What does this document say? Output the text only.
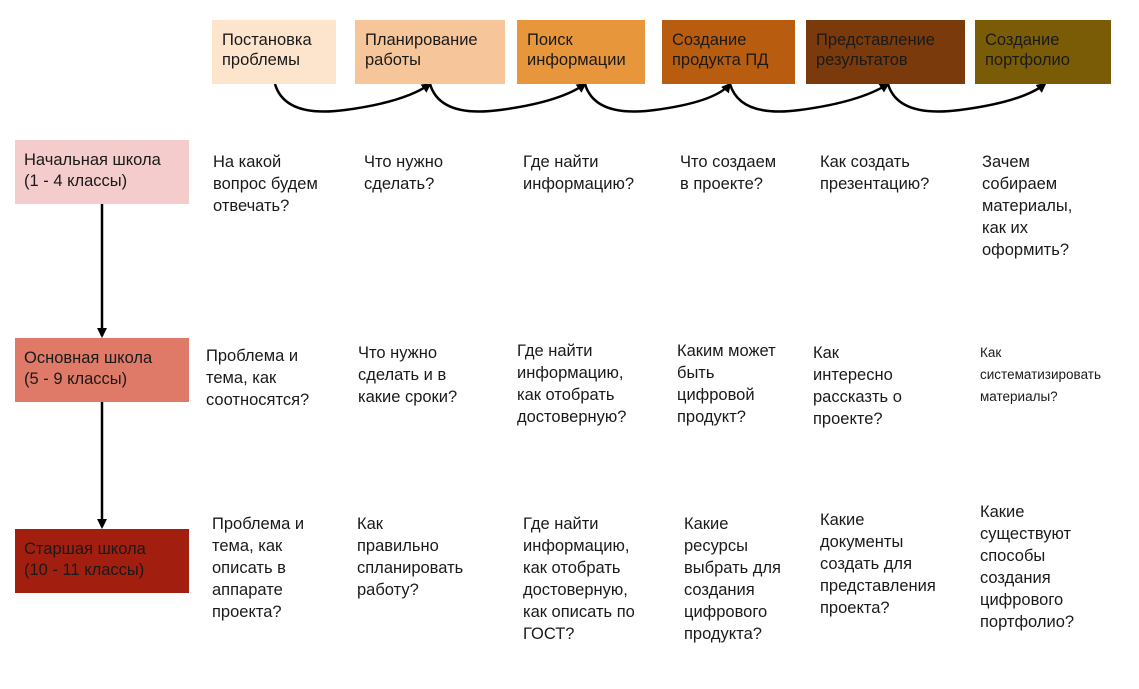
Постановка
проблемы
Планирование
работы
Поиск
информации
Создание
продукта ПД
Представление
результатов
Создание
портфолио
Начальная школа
(1 - 4 классы)
Основная школа
(5 - 9 классы)
Старшая школа
(10 - 11 классы)
На какой
вопрос будем
отвечать?
Что нужно
сделать?
Где найти
информацию?
Что создаем
в проекте?
Как создать
презентацию?
Зачем
собираем
материалы,
как их
оформить?
Проблема и
тема, как
соотносятся?
Что нужно
сделать и в
какие сроки?
Где найти
информацию,
как отобрать
достоверную?
Каким может
быть
цифровой
продукт?
Как
интересно
рассказть о
проекте?
Как
систематизировать
материалы?
Проблема и
тема, как
описать в
аппарате
проекта?
Как
правильно
спланировать
работу?
Где найти
информацию,
как отобрать
достоверную,
как описать по
ГОСТ?
Какие
ресурсы
выбрать для
создания
цифрового
продукта?
Какие
документы
создать для
представления
проекта?
Какие
существуют
способы
создания
цифрового
портфолио?
